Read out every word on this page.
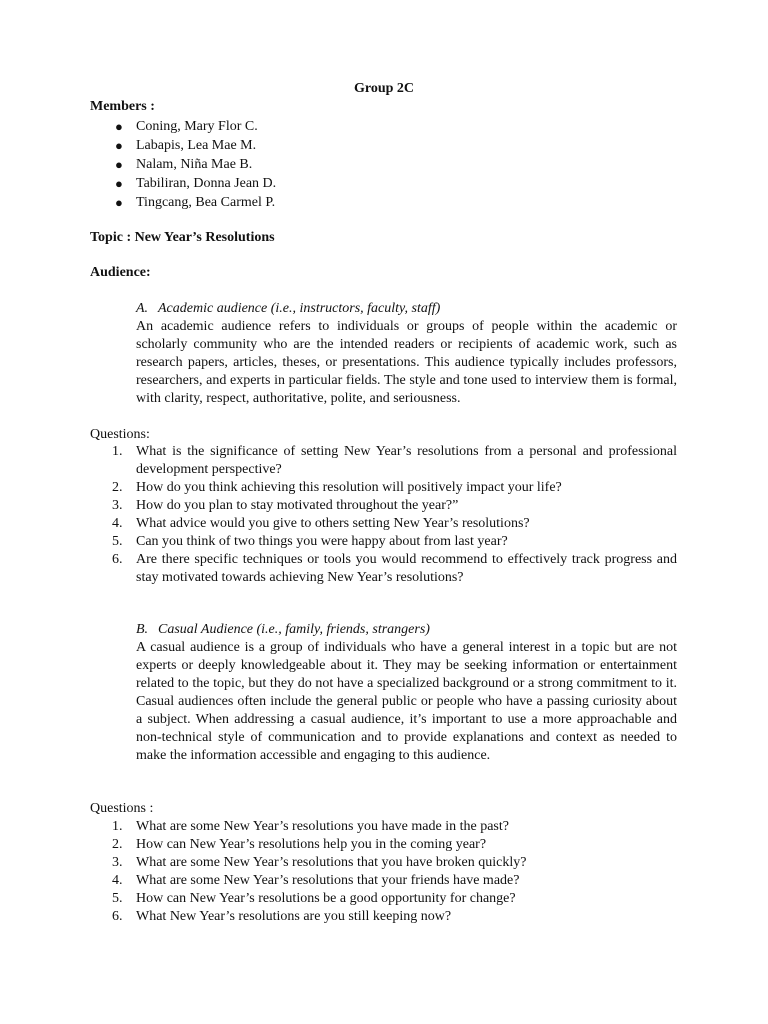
Group 2C
Members :
● Coning, Mary Flor C.
● Labapis, Lea Mae M.
● Nalam, Niña Mae B.
● Tabiliran, Donna Jean D.
● Tingcang, Bea Carmel P.
Topic : New Year’s Resolutions
Audience:
A. Academic audience (i.e., instructors, faculty, staff)
An academic audience refers to individuals or groups of people within the academic or scholarly community who are the intended readers or recipients of academic work, such as research papers, articles, theses, or presentations. This audience typically includes professors, researchers, and experts in particular fields. The style and tone used to interview them is formal, with clarity, respect, authoritative, polite, and seriousness.
Questions:
1. What is the significance of setting New Year’s resolutions from a personal and professional development perspective?
2. How do you think achieving this resolution will positively impact your life?
3. How do you plan to stay motivated throughout the year?”
4. What advice would you give to others setting New Year’s resolutions?
5. Can you think of two things you were happy about from last year?
6. Are there specific techniques or tools you would recommend to effectively track progress and stay motivated towards achieving New Year’s resolutions?
B. Casual Audience (i.e., family, friends, strangers)
A casual audience is a group of individuals who have a general interest in a topic but are not experts or deeply knowledgeable about it. They may be seeking information or entertainment related to the topic, but they do not have a specialized background or a strong commitment to it. Casual audiences often include the general public or people who have a passing curiosity about a subject. When addressing a casual audience, it’s important to use a more approachable and non-technical style of communication and to provide explanations and context as needed to make the information accessible and engaging to this audience.
Questions :
1. What are some New Year’s resolutions you have made in the past?
2. How can New Year’s resolutions help you in the coming year?
3. What are some New Year’s resolutions that you have broken quickly?
4. What are some New Year’s resolutions that your friends have made?
5. How can New Year’s resolutions be a good opportunity for change?
6. What New Year’s resolutions are you still keeping now?
